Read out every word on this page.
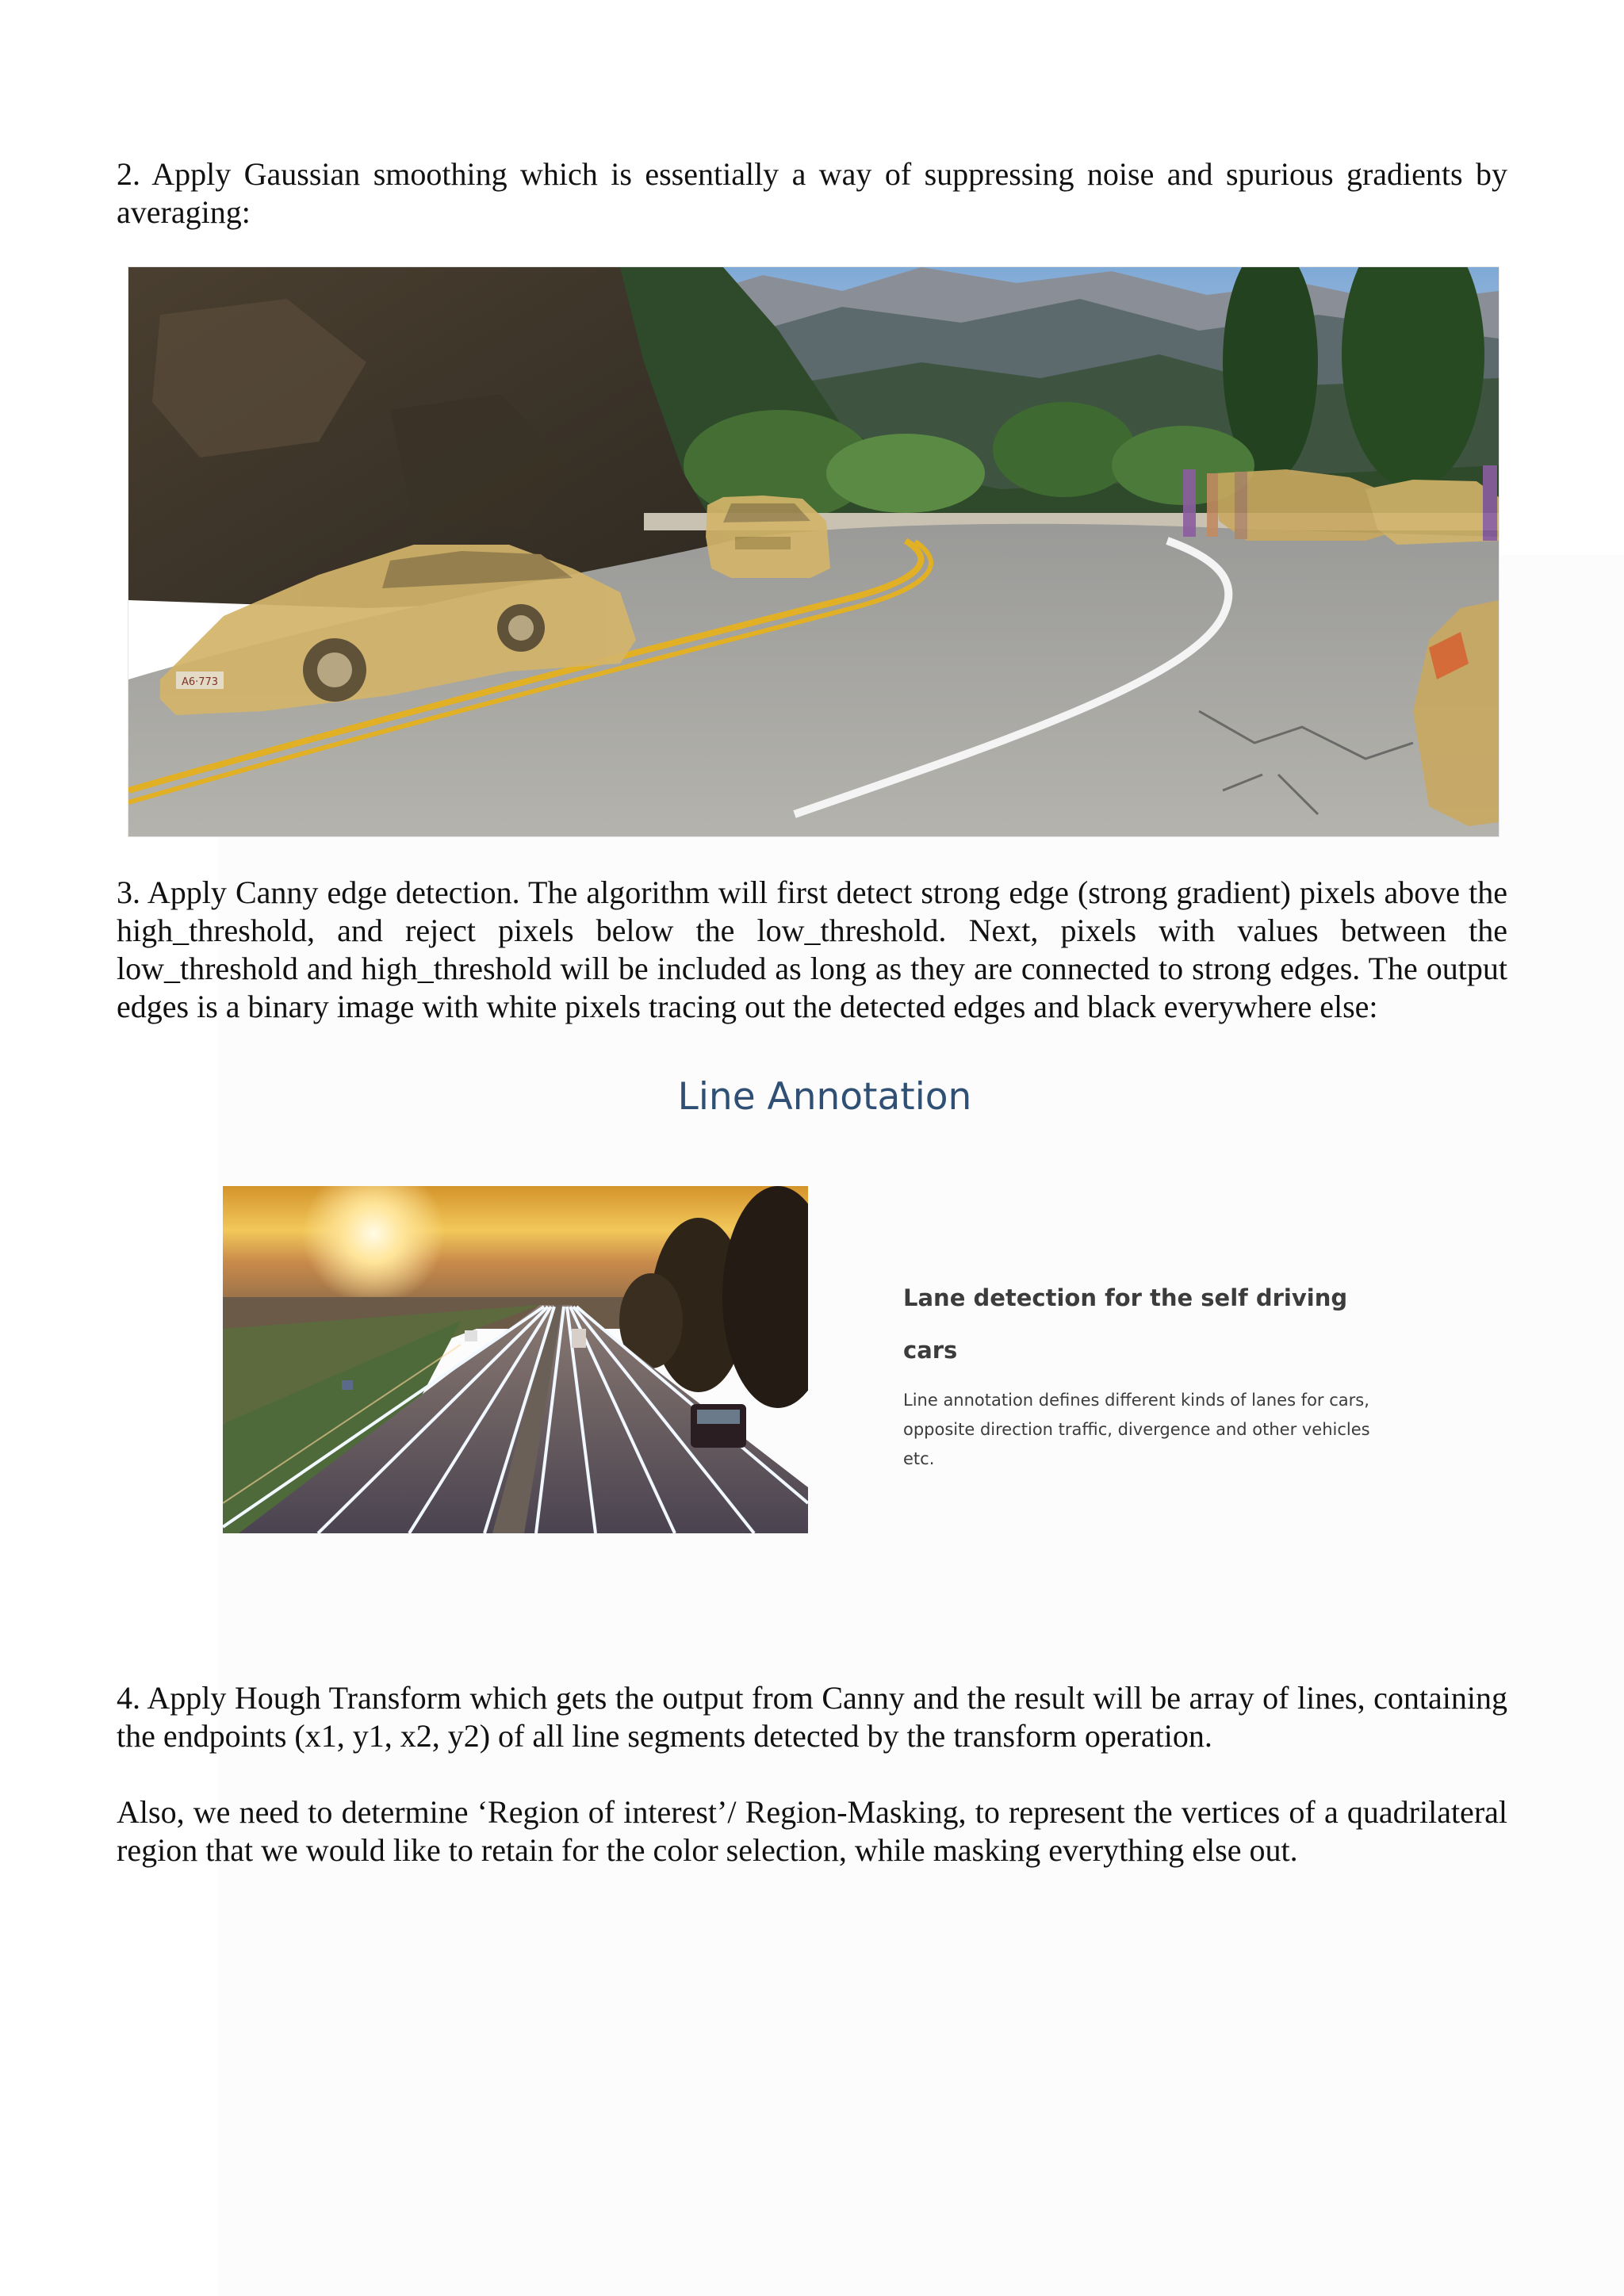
2. Apply Gaussian smoothing which is essentially a way of suppressing noise and spurious gradients by averaging:

A6·773

3. Apply Canny edge detection. The algorithm will first detect strong edge (strong gradient) pixels above the high_threshold, and reject pixels below the low_threshold. Next, pixels with values between the low_threshold and high_threshold will be included as long as they are connected to strong edges. The output edges is a binary image with white pixels tracing out the detected edges and black everywhere else:

Line Annotation

Lane detection for the self driving cars

Line annotation defines different kinds of lanes for cars, opposite direction traffic, divergence and other vehicles etc.

4. Apply Hough Transform which gets the output from Canny and the result will be array of lines, containing the endpoints (x1, y1, x2, y2) of all line segments detected by the transform operation.

Also, we need to determine ‘Region of interest’/ Region-Masking, to represent the vertices of a quadrilateral region that we would like to retain for the color selection, while masking everything else out.
